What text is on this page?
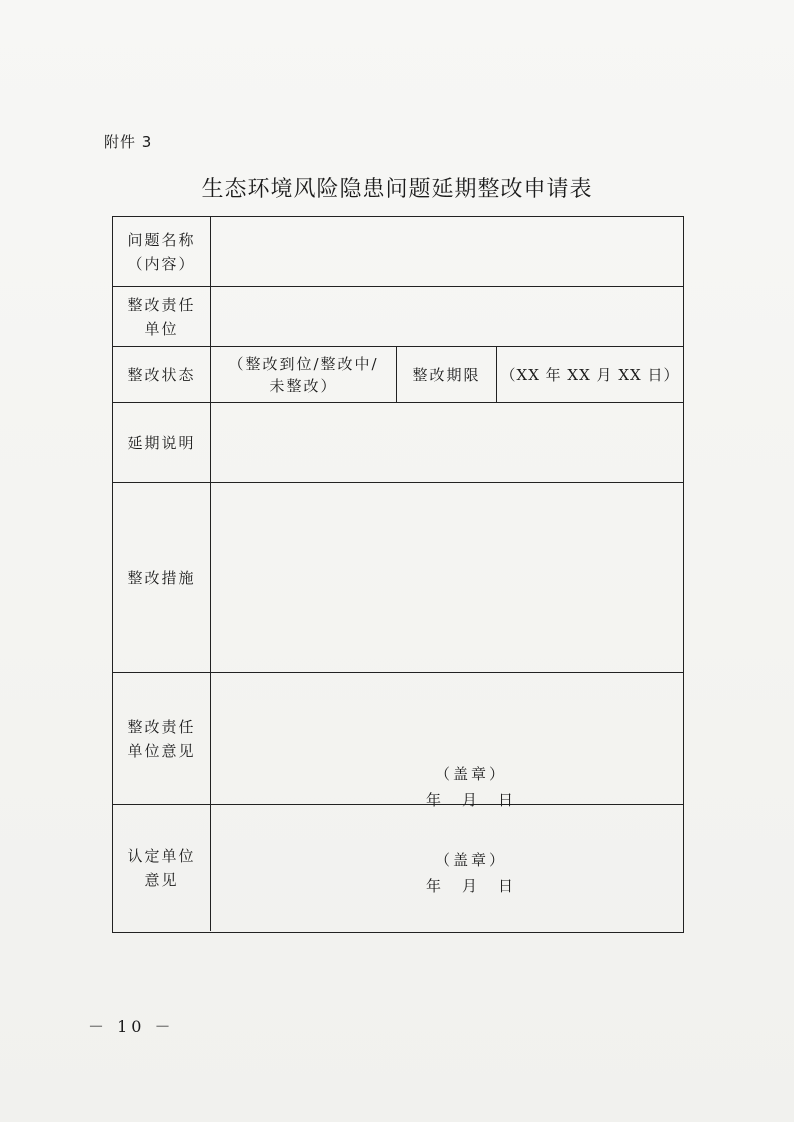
附件 3
生态环境风险隐患问题延期整改申请表
问题名称
（内容）
整改责任
单位
整改状态
（整改到位/整改中/
未整改）
整改期限	（XX 年 XX 月 XX 日）
延期说明
整改措施
整改责任
单位意见
（盖章）
年　月　日
认定单位
意见
（盖章）
年　月　日
－ 10 －
